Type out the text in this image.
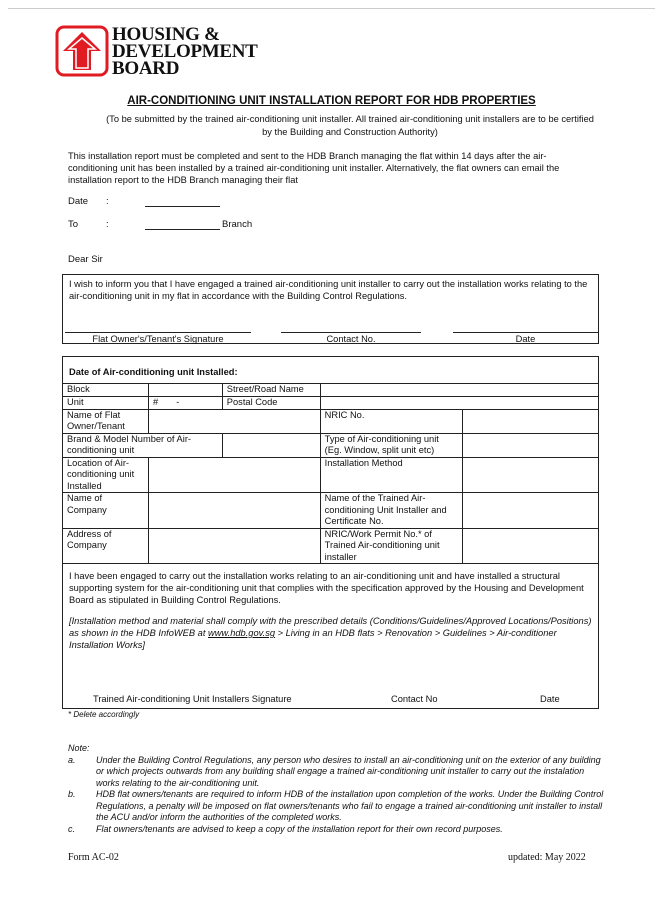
HOUSING &
DEVELOPMENT
BOARD
AIR-CONDITIONING UNIT INSTALLATION REPORT FOR HDB PROPERTIES
(To be submitted by the trained air-conditioning unit installer. All trained air-conditioning unit installers are to be certified by the Building and Construction Authority)
This installation report must be completed and sent to the HDB Branch managing the flat within 14 days after the air-conditioning unit has been installed by a trained air-conditioning unit installer. Alternatively, the flat owners can email the installation report to the HDB Branch managing their flat
Date :
To	:	Branch
Dear Sir

I wish to inform you that I have engaged a trained air-conditioning unit installer to carry out the installation works relating to the air-conditioning unit in my flat in accordance with the Building Control Regulations.

Flat Owner's/Tenant's Signature	Contact No.	Date
Date of Air-conditioning unit Installed:
Block		Street/Road Name		
Unit	#       -	Postal Code		
Name of Flat Owner/Tenant			NRIC No.	
Brand & Model Number of Air-conditioning unit			Type of Air-conditioning unit (Eg. Window, split unit etc)	
Location of Air-conditioning unit Installed			Installation Method	
Name of Company			Name of the Trained Air-conditioning Unit Installer and Certificate No.	
Address of Company			NRIC/Work Permit No.* of Trained Air-conditioning unit installer	
I have been engaged to carry out the installation works relating to an air-conditioning unit and have installed a structural supporting system for the air-conditioning unit that complies with the specification approved by the Housing and Development Board as stipulated in Building Control Regulations.
[Installation method and material shall comply with the prescribed details (Conditions/Guidelines/Approved Locations/Positions) as shown in the HDB InfoWEB at www.hdb.gov.sg > Living in an HDB flats > Renovation > Guidelines > Air-conditioner Installation Works]
Trained Air-conditioning Unit Installers Signature	Contact No	Date
* Delete accordingly
Note:
a.	Under the Building Control Regulations, any person who desires to install an air-conditioning unit on the exterior of any building or which projects outwards from any building shall engage a trained air-conditioning unit installer to carry out the instalation works relating to the air-conditioning unit.
b.	HDB flat owners/tenants are required to inform HDB of the installation upon completion of the works. Under the Building Control Regulations, a penalty will be imposed on flat owners/tenants who fail to engage a trained air-conditioning unit installer to install the ACU and/or inform the authorities of the completed works.
c.	Flat owners/tenants are advised to keep a copy of the installation report for their own record purposes.
Form AC-02	updated: May 2022
